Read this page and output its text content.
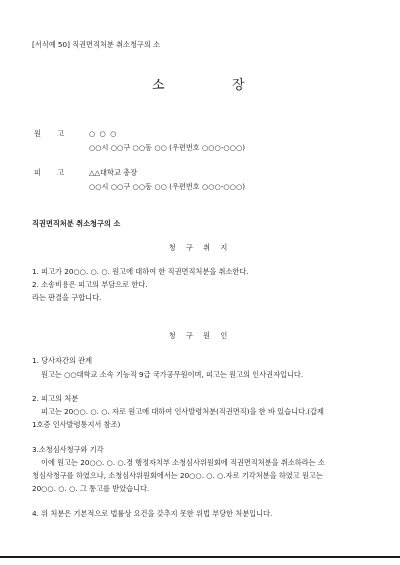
[서식예 50] 직권면직처분 취소청구의 소
소	장
원 고 ○ ○ ○
○○시 ○○구 ○○동 ○○ (우편번호 ○○○-○○○)
피 고 △△대학교 총장
○○시 ○○구 ○○동 ○○ (우편번호 ○○○-○○○)
직권면직처분 취소청구의 소
청 구 취 지
1. 피고가 20○○. ○. ○. 원고에 대하여 한 직권면직처분을 취소한다.
2. 소송비용은 피고의 부담으로 한다.
라는 판결을 구합니다.
청 구 원 인
1. 당사자간의 관계
원고는 ○○대학교 소속 기능직 9급 국가공무원이며, 피고는 원고의 인사권자입니다.
2. 피고의 처분
피고는 20○○. ○. ○. 자로 원고에 대하여 인사발령처분(직권면직)을 한 바 있습니다.(갑제
1호증 인사발령통지서 참조)
3.소청심사청구와 기각
이에 원고는 20○○. ○. ○.경 행정자치부 소청심사위원회에 직권면직처분을 취소하라는 소
청심사청구를 하였으나, 소청심사위원회에서는 20○○. ○. ○.자로 기각처분을 하였고 원고는
20○○. ○. ○. 그 통고를 받았습니다.
4. 위 처분은 기본적으로 법률상 요건을 갖추지 못한 위법 부당한 처분입니다.
